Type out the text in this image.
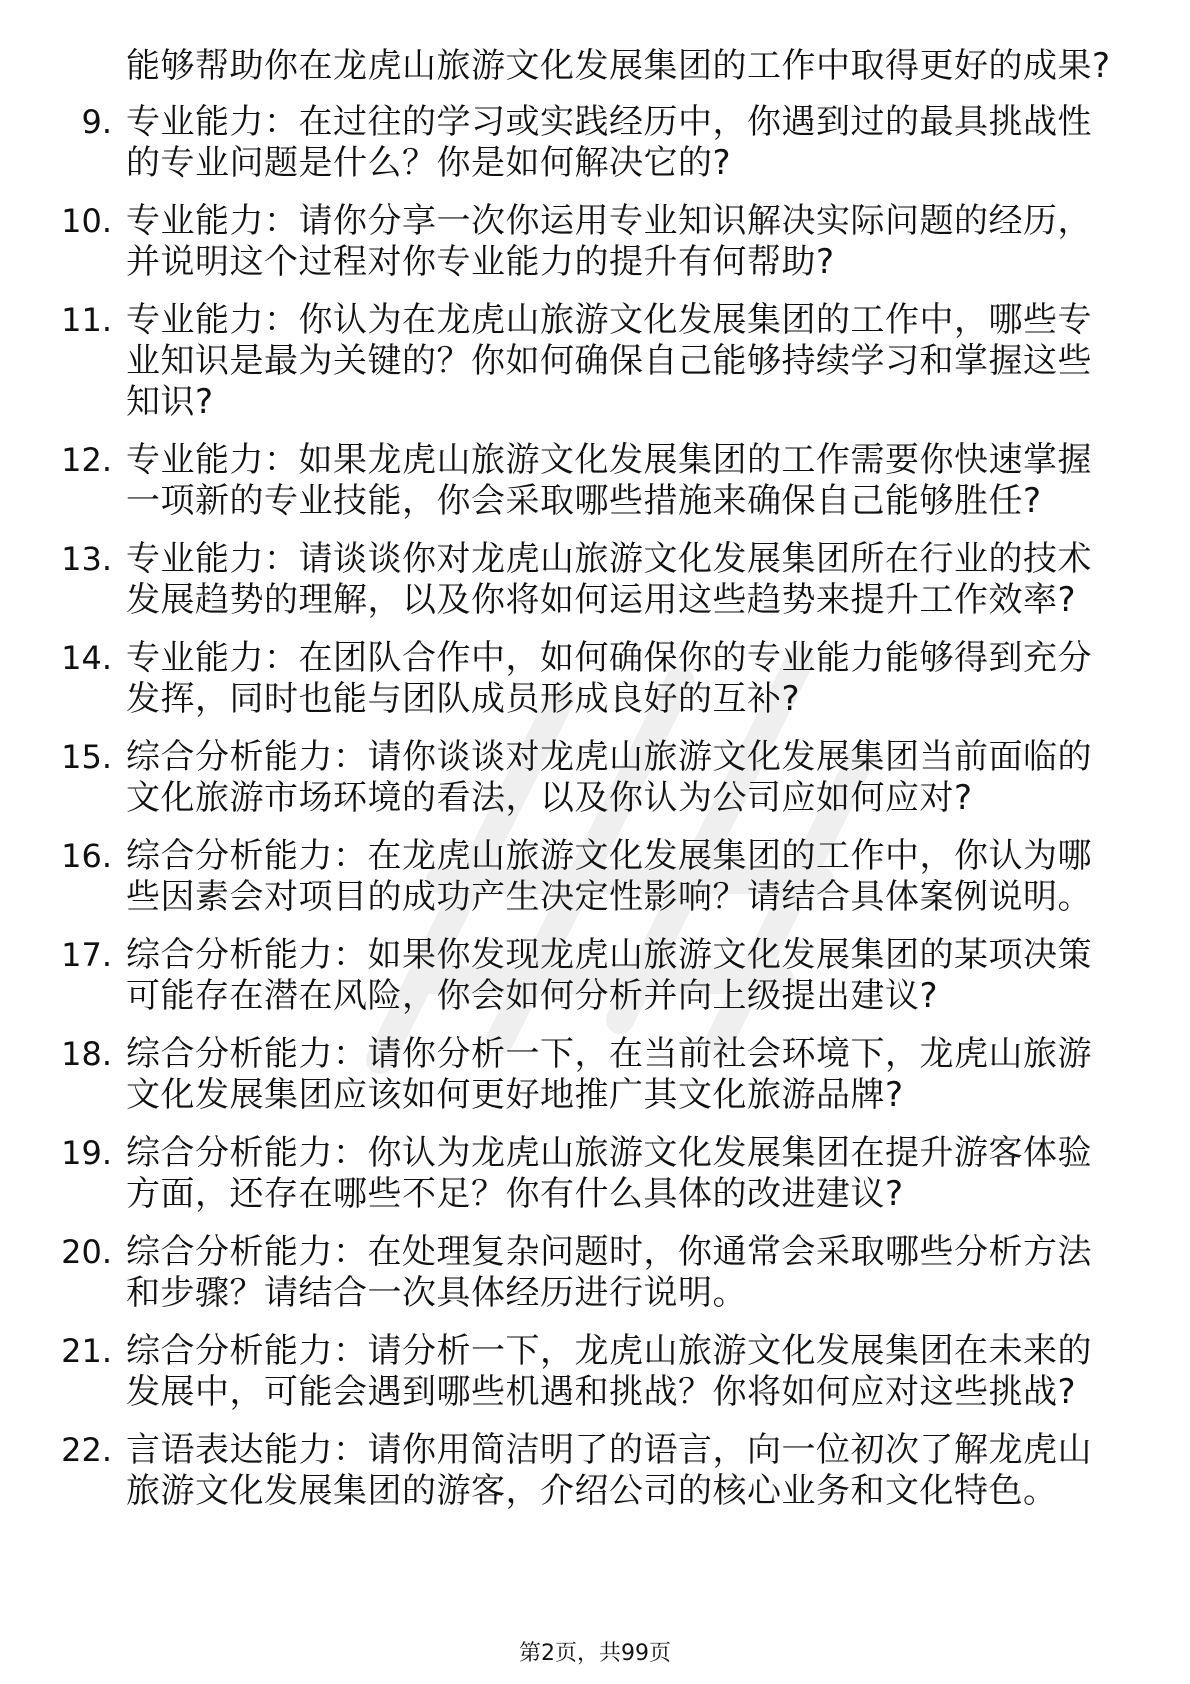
能够帮助你在龙虎山旅游文化发展集团的工作中取得更好的成果?
9. 专业能力：在过往的学习或实践经历中，你遇到过的最具挑战性的专业问题是什么？你是如何解决它的?
10. 专业能力：请你分享一次你运用专业知识解决实际问题的经历，并说明这个过程对你专业能力的提升有何帮助?
11. 专业能力：你认为在龙虎山旅游文化发展集团的工作中，哪些专业知识是最为关键的？你如何确保自己能够持续学习和掌握这些知识?
12. 专业能力：如果龙虎山旅游文化发展集团的工作需要你快速掌握一项新的专业技能，你会采取哪些措施来确保自己能够胜任?
13. 专业能力：请谈谈你对龙虎山旅游文化发展集团所在行业的技术发展趋势的理解，以及你将如何运用这些趋势来提升工作效率?
14. 专业能力：在团队合作中，如何确保你的专业能力能够得到充分发挥，同时也能与团队成员形成良好的互补?
15. 综合分析能力：请你谈谈对龙虎山旅游文化发展集团当前面临的文化旅游市场环境的看法，以及你认为公司应如何应对?
16. 综合分析能力：在龙虎山旅游文化发展集团的工作中，你认为哪些因素会对项目的成功产生决定性影响？请结合具体案例说明。
17. 综合分析能力：如果你发现龙虎山旅游文化发展集团的某项决策可能存在潜在风险，你会如何分析并向上级提出建议?
18. 综合分析能力：请你分析一下，在当前社会环境下，龙虎山旅游文化发展集团应该如何更好地推广其文化旅游品牌?
19. 综合分析能力：你认为龙虎山旅游文化发展集团在提升游客体验方面，还存在哪些不足？你有什么具体的改进建议?
20. 综合分析能力：在处理复杂问题时，你通常会采取哪些分析方法和步骤？请结合一次具体经历进行说明。
21. 综合分析能力：请分析一下，龙虎山旅游文化发展集团在未来的发展中，可能会遇到哪些机遇和挑战？你将如何应对这些挑战?
22. 言语表达能力：请你用简洁明了的语言，向一位初次了解龙虎山旅游文化发展集团的游客，介绍公司的核心业务和文化特色。
第2页，共99页
